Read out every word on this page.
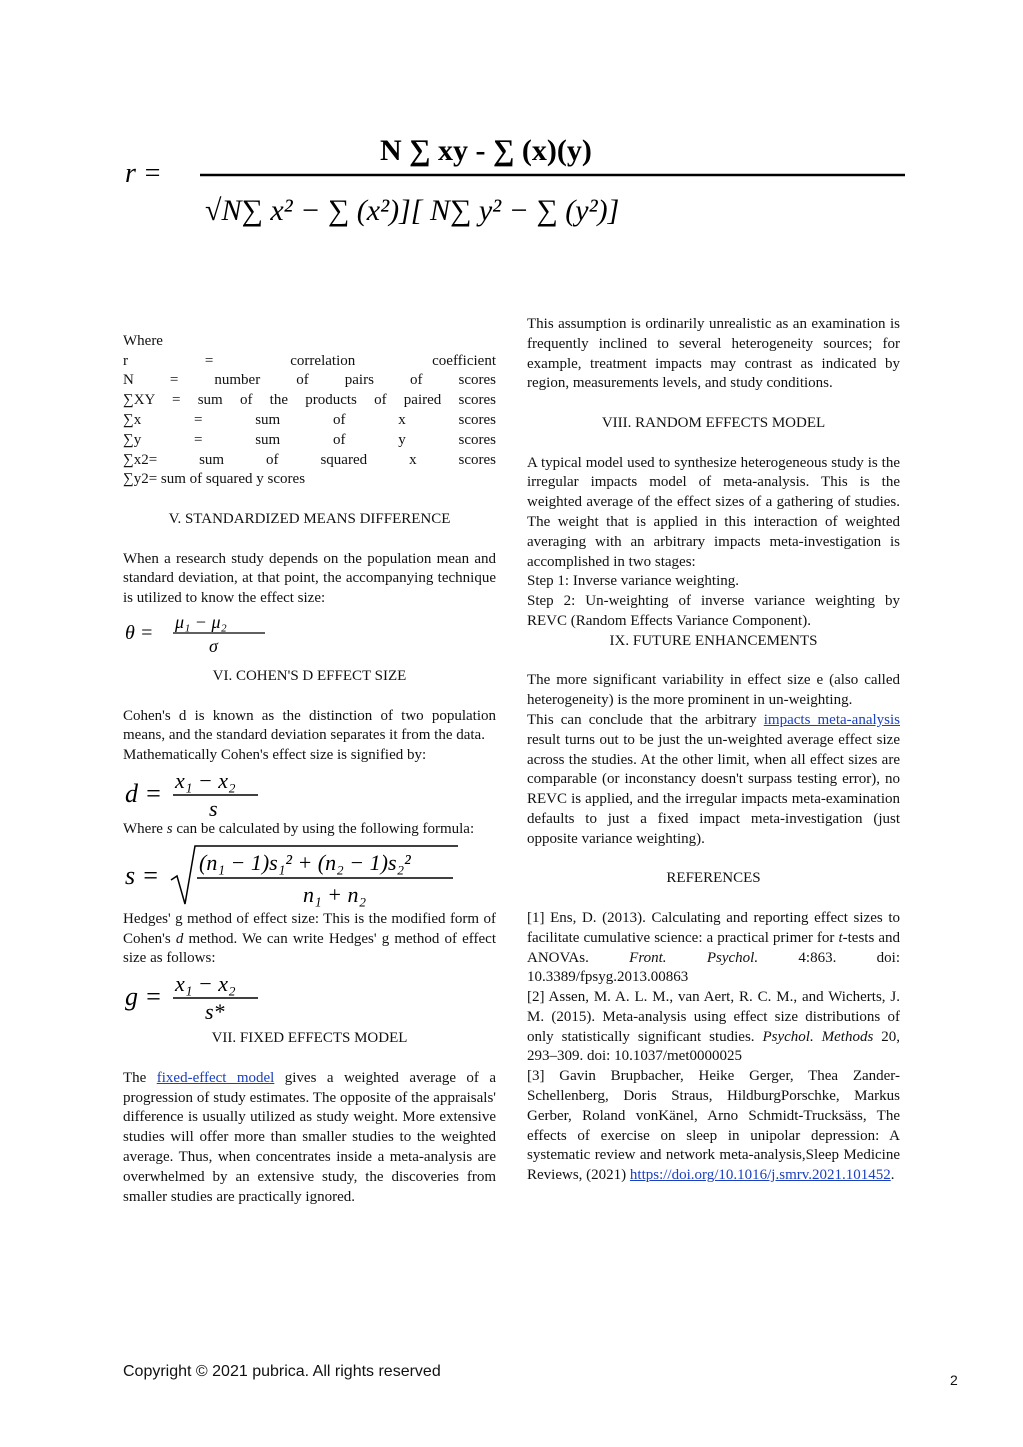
r =
N ∑ xy - ∑ (x)(y)
√N∑ x² − ∑ (x²)][ N∑ y² − ∑ (y²)]

Where

r = correlation coefficient

N = number of pairs of scores

∑XY = sum of the products of paired scores

∑x = sum of x scores

∑y = sum of y scores

∑x2= sum of squared x scores

∑y2= sum of squared y scores

V. STANDARDIZED MEANS DIFFERENCE

When a research study depends on the population mean and standard deviation, at that point, the accompanying technique is utilized to know the effect size:

θ = μ₁ − μ₂
σ

VI. COHEN'S D EFFECT SIZE

Cohen's d is known as the distinction of two population means, and the standard deviation separates it from the data.

Mathematically Cohen's effect size is signified by:

d = x₁ − x₂
s

Where s can be calculated by using the following formula:

s = (n₁ − 1)s₁² + (n₂ − 1)s₂²
n₁ + n₂

Hedges' g method of effect size: This is the modified form of Cohen's d method. We can write Hedges' g method of effect size as follows:

g = x₁ − x₂
s*

VII. FIXED EFFECTS MODEL

The fixed-effect model gives a weighted average of a progression of study estimates. The opposite of the appraisals' difference is usually utilized as study weight. More extensive studies will offer more than smaller studies to the weighted average. Thus, when concentrates inside a meta-analysis are overwhelmed by an extensive study, the discoveries from smaller studies are practically ignored.

This assumption is ordinarily unrealistic as an examination is frequently inclined to several heterogeneity sources; for example, treatment impacts may contrast as indicated by region, measurements levels, and study conditions.

VIII. RANDOM EFFECTS MODEL

A typical model used to synthesize heterogeneous study is the irregular impacts model of meta-analysis. This is the weighted average of the effect sizes of a gathering of studies. The weight that is applied in this interaction of weighted averaging with an arbitrary impacts meta-investigation is accomplished in two stages:

Step 1: Inverse variance weighting.

Step 2: Un-weighting of inverse variance weighting by REVC (Random Effects Variance Component).

IX. FUTURE ENHANCEMENTS

The more significant variability in effect size e (also called heterogeneity) is the more prominent in un-weighting.

This can conclude that the arbitrary impacts meta-analysis result turns out to be just the un-weighted average effect size across the studies. At the other limit, when all effect sizes are comparable (or inconstancy doesn't surpass testing error), no REVC is applied, and the irregular impacts meta-examination defaults to just a fixed impact meta-investigation (just opposite variance weighting).

REFERENCES

[1] Ens, D. (2013). Calculating and reporting effect sizes to facilitate cumulative science: a practical primer for t-tests and ANOVAs. Front. Psychol. 4:863. doi: 10.3389/fpsyg.2013.00863

[2] Assen, M. A. L. M., van Aert, R. C. M., and Wicherts, J. M. (2015). Meta-analysis using effect size distributions of only statistically significant studies. Psychol. Methods 20, 293–309. doi: 10.1037/met0000025

[3] Gavin Brupbacher, Heike Gerger, Thea Zander-Schellenberg, Doris Straus, HildburgPorschke, Markus Gerber, Roland vonKänel, Arno Schmidt-Trucksäss, The effects of exercise on sleep in unipolar depression: A systematic review and network meta-analysis,Sleep Medicine Reviews, (2021) https://doi.org/10.1016/j.smrv.2021.101452.

Copyright © 2021 pubrica. All rights reserved	2
